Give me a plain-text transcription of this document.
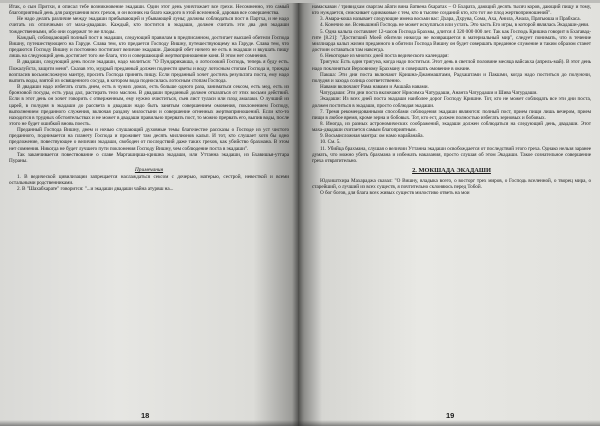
Итак, о сын Притхи, я описал тебе возникновение экадаши. Один этот день уничтожает все грехи. Несомненно, это самый благоприятный день для разрушения всех грехов, и он возник на благо каждого в этой вселенной, даровав все совершенства.

Не надо делать различие между экадаши прибывающей и убывающей луны; должны соблюдаться пост в Партха, и не надо считать их отличными от маха-двадаши. Каждый, кто постится в экадаши, должен считать эти два дня экадаши тождественными, ибо они содержат те же плоды.

Каждый, соблюдающий полный пост в экадаши, следующий правилам в предписанном, достигает высшей обители Господа Вишну, путешествующего на Гаруде. Слава тем, кто предается Господу Вишну, путешествующему на Гаруде. Слава тем, что предаются Господу Вишну и постоянно постигают величие экадаши. Дающий обет ничего не есть в экадаши и вкушать пищу лишь на следующий день достигает того же блага, что и совершающий жертвоприношение коня. В этом нет сомнения.

В двадаши, следующий день после экадаши, надо молиться: "О Пундарикакша, о лотосоокий Господь, теперь я буду есть. Пожалуйста, защити меня". Сказав это, мудрый преданный должен поднести цветы и воду лотосным стопам Господа и, трижды возгласив восьмисложную мантру, просить Господа принять пищу. Если преданный хочет достичь результата поста, ему надо выпить воды, взятой из освященного сосуда, в котором вода подносилась лотосным стопам Господа.

В двадаши надо избегать спать днем, есть в чужих домах, есть больше одного раза, заниматься сексом, есть мед, есть из бронзовой посуды, есть урад дал, растирать тело маслом. В двадаши преданный должен отказаться от этих восьми действий. Если в этот день он хочет говорить с отверженным, ему нужно очиститься, съев лист туласи или плод амалаки. О лучший из царей, в полудня в экадаши до рассвета в двадаши надо быть занятым совершением омовения, поклонением Господу, выполнением преданного служения, включая раздачу милостыни и совершение огненных жертвоприношений. Если кто-то находится в трудных обстоятельствах и не может в двадаши правильно прервать пост, то можно прервать его, выпив воды, после этого не будет ошибкой вновь поесть.

Преданный Господа Вишну, днем и ночью слушающий духовные темы благочестие рассказы о Господе из уст чистого преданного, поднимается на планету Господа и проживет там десять миллионов кальп. И тот, кто слушает хотя бы одно предложение, повествующее о величии экадаши, свободен от последствий даже таких грехов, как убийство брахмана. В этом нет сомнения. Никогда не будет лучшего пути поклонения Господу Вишну, чем соблюдение поста в экадаши".

Так заканчивается повествование о славе Маргаширша-кришна экадаши, или Уттанна экадаши, из Бхавишья-уттара Пураны.

Примечания

1. В ведической цивилизации запрещается наслаждаться сексом с дочерью, матерью, сестрой, невесткой и всеми остальными родственниками.

2. В "Шахабхарате" говорится: "...и экадаши двадаши чайна атурвш на...

18

намаскаван / тривидхам сваргам айати вина йатвена бхаратах – О Бхарата, дающий десять тысяч коров, дающий пищу и тому, кто нуждается, снискивает одинаковые с тем, кто в тысяче созданий кто, кто тот же плод жертвоприношений".

3. Амара-коша называет следующие имена восьми вас: Дхара, Дхрува, Сома, Аха, Анила, Анала, Пратьюша и Прабхаса.

4. Конечно же. Всевышний Господь не может искупаться или устать. Это часть Его игры, в которой являлась Экадаши-деви.

5. Одна кальпа составляет 12-часов Господа Брахмы, длится 4 320 000 000 лет. Так как Господь Кришна говорит в Бхагавад-гите [8.21]: "Достигший Моей обители никогда не возвращается в материальный мир", следует понимать, что в течение миллиарда кальп жизни преданного в обители Господа Вишну он будет совершать преданное служение и таким образом станет достоин оставаться там навсегда.

6. Некоторые из многих дней поста ведического календаря:

Тригуна: Есть один тригуна, когда надо поститься. Этот день в светлой половине месяца вайсакха (апрель-май). В этот день надо поклоняться Верховному Брахману и совершать омовение в океане.

Пакша: Эти дни поста включают Кришна-Джанмаштами, Радхаштами и Пакшми, когда надо поститься до полуночи, полудня и захода солнца соответственно.

Навами включают Рама навами и Акшайа навами.

Чатурдаши: Эти дни поста включают Нрисимха Чатурдаши, Ананта Чатурдаши и Шива Чатурдаши.

Экадаши: Из всех дней поста экадаши наиболее дорог Господу Кришне. Тот, кто не может соблюдать все эти дни поста, должен поститься в экадаши, просто соблюдая экадаши.

7. Тремя рекомендованными способами соблюдения экадаши являются: полный пост, прием пищи лишь вечером, прием пищи в любое время, кроме зерна и бобовых. Тот, кто ест, должен полностью избегать зерновых и бобовых.

8. Иногда, из разных астрономических соображений, экадаши должен соблюдаться на следующий день, двадаши. Этот маха-двадаши считается самым благоприятным.

9. Восьмисложная мантра: ом намо нарайанайа.

10. См. 5.

11. Убийца брахмана, слушая о величии Уттанна экадаши освобождается от последствий этого греха. Однако нельзя заранее думать, что можно убить брахмана и избежать наказания, просто слушая об этом Экадаши. Такое сознательное совершение греха отвратительно.

2. МОКШАДА ЭКАДАШИ

Юдхиштхира Махараджа сказал: "О Вишну, владыка всего, о восторг трех миров, о Господь вселенной, о творец мира, о старейший, о лучший из всех существ, я почтительно склоняюсь перед Тобой.

О бог богов, для блага всех живых существ милостиво ответь на мои

19
